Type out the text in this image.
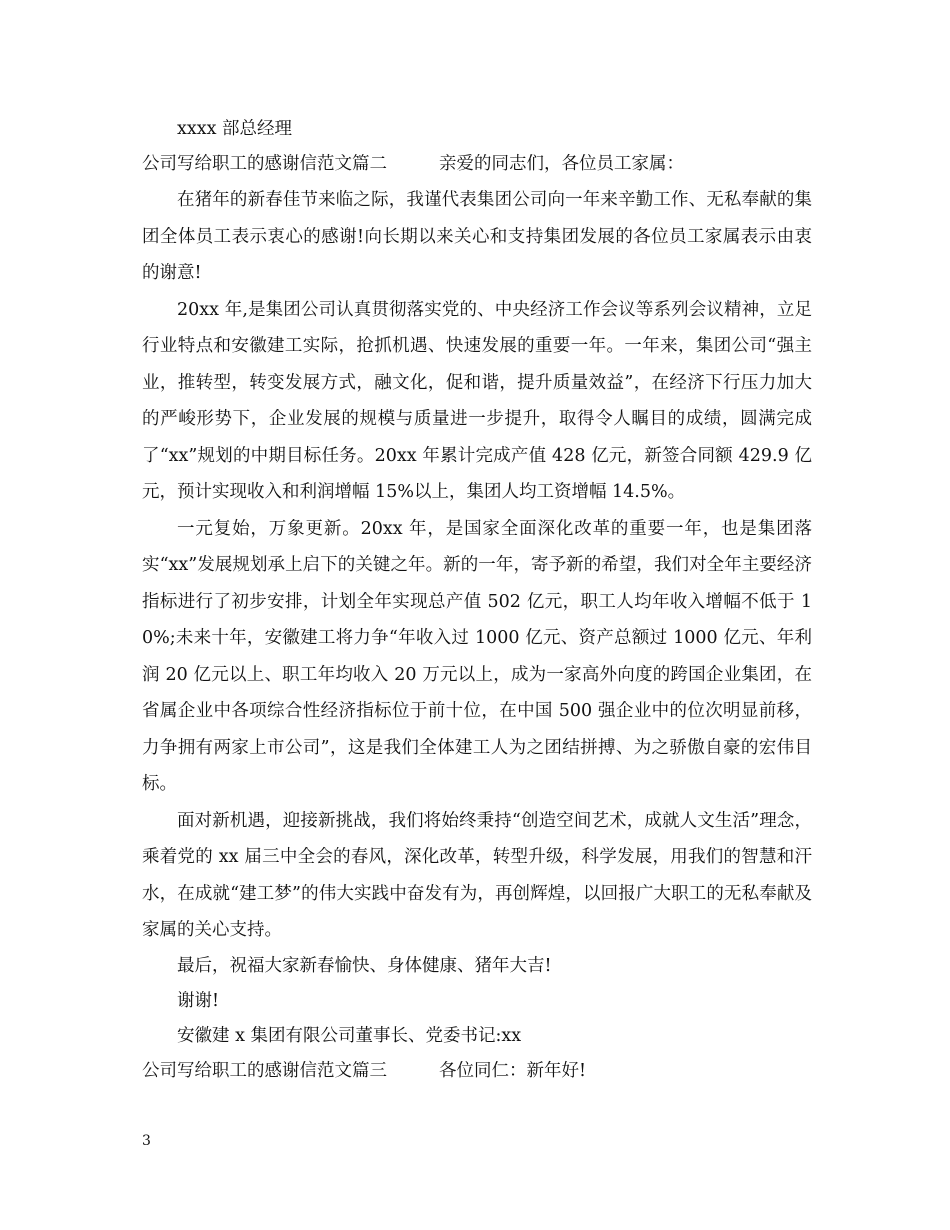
xxxx 部总经理

公司写给职工的感谢信范文篇二	亲爱的同志们，各位员工家属：

在猪年的新春佳节来临之际，我谨代表集团公司向一年来辛勤工作、无私奉献的集团全体员工表示衷心的感谢!向长期以来关心和支持集团发展的各位员工家属表示由衷的谢意!

20xx 年,是集团公司认真贯彻落实党的、中央经济工作会议等系列会议精神，立足行业特点和安徽建工实际，抢抓机遇、快速发展的重要一年。一年来，集团公司“强主业，推转型，转变发展方式，融文化，促和谐，提升质量效益”，在经济下行压力加大的严峻形势下，企业发展的规模与质量进一步提升，取得令人瞩目的成绩，圆满完成了“xx”规划的中期目标任务。20xx 年累计完成产值 428 亿元，新签合同额 429.9 亿元，预计实现收入和利润增幅 15%以上，集团人均工资增幅 14.5%。

一元复始，万象更新。20xx 年，是国家全面深化改革的重要一年，也是集团落实“xx”发展规划承上启下的关键之年。新的一年，寄予新的希望，我们对全年主要经济指标进行了初步安排，计划全年实现总产值 502 亿元，职工人均年收入增幅不低于 10%;未来十年，安徽建工将力争“年收入过 1000 亿元、资产总额过 1000 亿元、年利润 20 亿元以上、职工年均收入 20 万元以上，成为一家高外向度的跨国企业集团，在省属企业中各项综合性经济指标位于前十位，在中国 500 强企业中的位次明显前移，力争拥有两家上市公司”，这是我们全体建工人为之团结拼搏、为之骄傲自豪的宏伟目标。

面对新机遇，迎接新挑战，我们将始终秉持“创造空间艺术，成就人文生活”理念，乘着党的 xx 届三中全会的春风，深化改革，转型升级，科学发展，用我们的智慧和汗水，在成就“建工梦”的伟大实践中奋发有为，再创辉煌，以回报广大职工的无私奉献及家属的关心支持。

最后，祝福大家新春愉快、身体健康、猪年大吉!

谢谢!

安徽建 x 集团有限公司董事长、党委书记:xx

公司写给职工的感谢信范文篇三	各位同仁：新年好!

3
